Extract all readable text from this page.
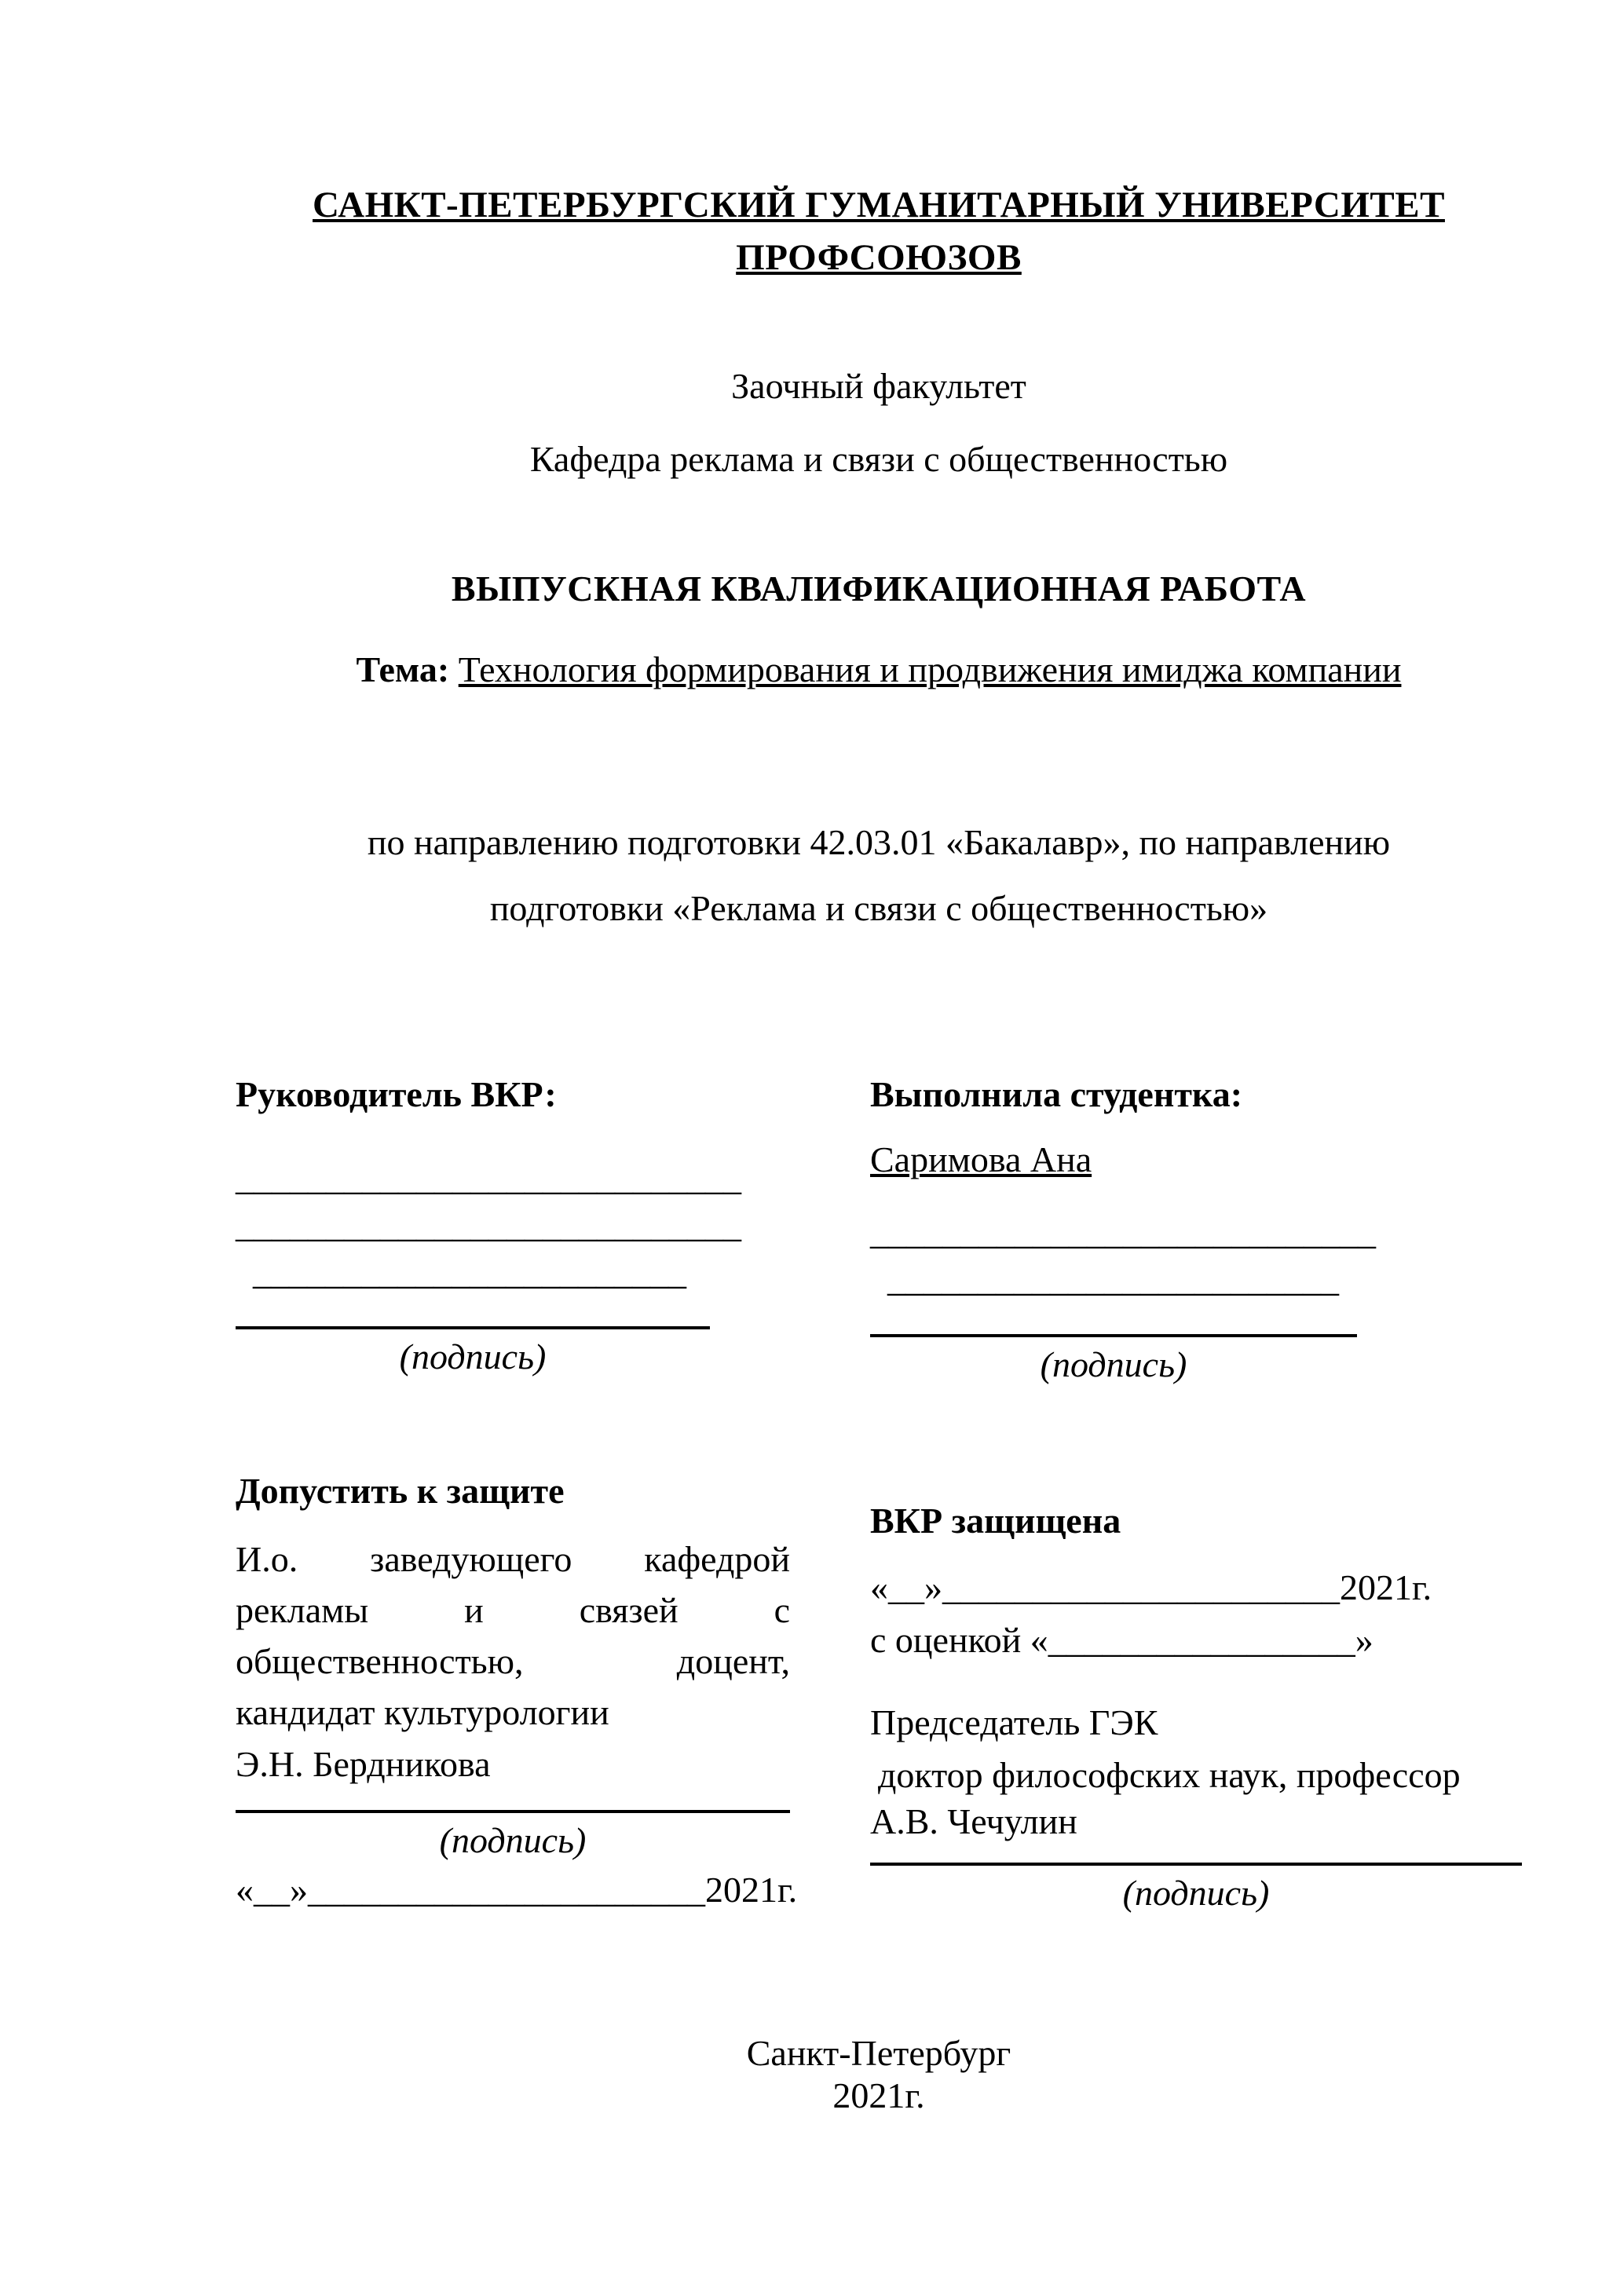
САНКТ-ПЕТЕРБУРГСКИЙ ГУМАНИТАРНЫЙ УНИВЕРСИТЕТ
ПРОФСОЮЗОВ
Заочный факультет
Кафедра реклама и связи с общественностью
ВЫПУСКНАЯ КВАЛИФИКАЦИОННАЯ РАБОТА
Тема: Технология формирования и продвижения имиджа компании
по направлению подготовки 42.03.01 «Бакалавр», по направлению
подготовки «Реклама и связи с общественностью»
Руководитель ВКР:
____________________________
____________________________
________________________
(подпись)
Выполнила студентка:
Саримова Ана
____________________________
_________________________
(подпись)
Допустить к защите
И.о. заведующего кафедрой рекламы и связей с общественностью, доцент, кандидат культурологии
Э.Н. Бердникова
(подпись)
«__»______________________2021г.
ВКР защищена
«__»______________________2021г.
с оценкой «_________________»
Председатель ГЭК
доктор философских наук, профессор
А.В. Чечулин
(подпись)
Санкт-Петербург
2021г.
